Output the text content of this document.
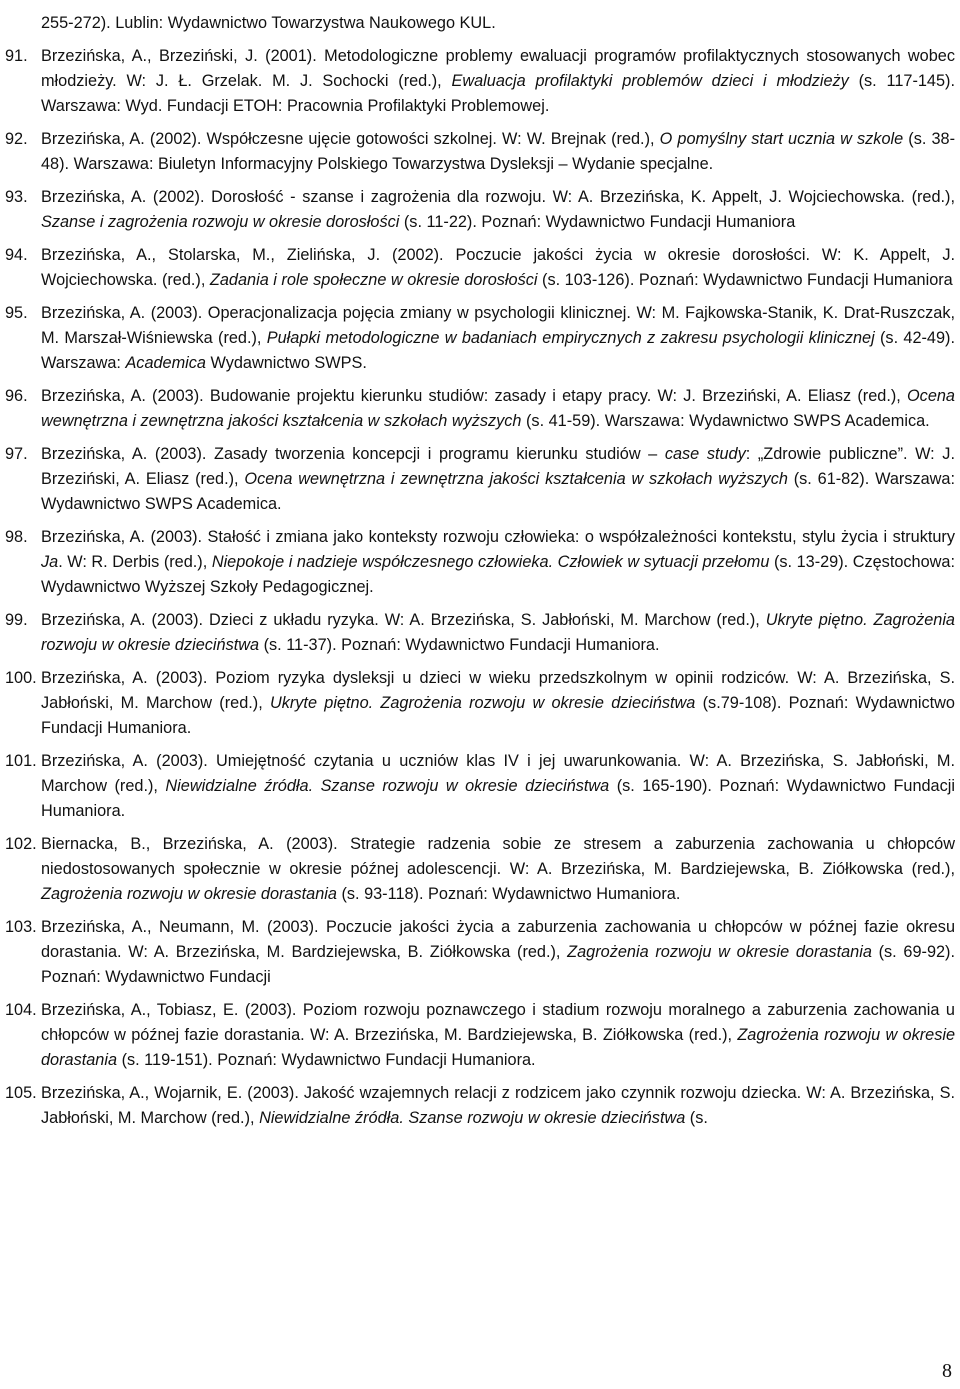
255-272). Lublin: Wydawnictwo Towarzystwa Naukowego KUL.
91. Brzezińska, A., Brzeziński, J. (2001). Metodologiczne problemy ewaluacji programów profilaktycznych stosowanych wobec młodzieży. W: J. Ł. Grzelak. M. J. Sochocki (red.), Ewaluacja profilaktyki problemów dzieci i młodzieży (s. 117-145). Warszawa: Wyd. Fundacji ETOH: Pracownia Profilaktyki Problemowej.
92. Brzezińska, A. (2002). Współczesne ujęcie gotowości szkolnej. W: W. Brejnak (red.), O pomyślny start ucznia w szkole (s. 38-48). Warszawa: Biuletyn Informacyjny Polskiego Towarzystwa Dysleksji – Wydanie specjalne.
93. Brzezińska, A. (2002). Dorosłość - szanse i zagrożenia dla rozwoju. W: A. Brzezińska, K. Appelt, J. Wojciechowska. (red.), Szanse i zagrożenia rozwoju w okresie dorosłości (s. 11-22). Poznań: Wydawnictwo Fundacji Humaniora
94. Brzezińska, A., Stolarska, M., Zielińska, J. (2002). Poczucie jakości życia w okresie dorosłości. W: K. Appelt, J. Wojciechowska. (red.), Zadania i role społeczne w okresie dorosłości (s. 103-126). Poznań: Wydawnictwo Fundacji Humaniora
95. Brzezińska, A. (2003). Operacjonalizacja pojęcia zmiany w psychologii klinicznej. W: M. Fajkowska-Stanik, K. Drat-Ruszczak, M. Marszał-Wiśniewska (red.), Pułapki metodologiczne w badaniach empirycznych z zakresu psychologii klinicznej (s. 42-49). Warszawa: Academica Wydawnictwo SWPS.
96. Brzezińska, A. (2003). Budowanie projektu kierunku studiów: zasady i etapy pracy. W: J. Brzeziński, A. Eliasz (red.), Ocena wewnętrzna i zewnętrzna jakości kształcenia w szkołach wyższych (s. 41-59). Warszawa: Wydawnictwo SWPS Academica.
97. Brzezińska, A. (2003). Zasady tworzenia koncepcji i programu kierunku studiów – case study: „Zdrowie publiczne”. W: J. Brzeziński, A. Eliasz (red.), Ocena wewnętrzna i zewnętrzna jakości kształcenia w szkołach wyższych (s. 61-82). Warszawa: Wydawnictwo SWPS Academica.
98. Brzezińska, A. (2003). Stałość i zmiana jako konteksty rozwoju człowieka: o współzależności kontekstu, stylu życia i struktury Ja. W: R. Derbis (red.), Niepokoje i nadzieje współczesnego człowieka. Człowiek w sytuacji przełomu (s. 13-29). Częstochowa: Wydawnictwo Wyższej Szkoły Pedagogicznej.
99. Brzezińska, A. (2003). Dzieci z układu ryzyka. W: A. Brzezińska, S. Jabłoński, M. Marchow (red.), Ukryte piętno. Zagrożenia rozwoju w okresie dzieciństwa (s. 11-37). Poznań: Wydawnictwo Fundacji Humaniora.
100. Brzezińska, A. (2003). Poziom ryzyka dysleksji u dzieci w wieku przedszkolnym w opinii rodziców. W: A. Brzezińska, S. Jabłoński, M. Marchow (red.), Ukryte piętno. Zagrożenia rozwoju w okresie dzieciństwa (s.79-108). Poznań: Wydawnictwo Fundacji Humaniora.
101. Brzezińska, A. (2003). Umiejętność czytania u uczniów klas IV i jej uwarunkowania. W: A. Brzezińska, S. Jabłoński, M. Marchow (red.), Niewidzialne źródła. Szanse rozwoju w okresie dzieciństwa (s. 165-190). Poznań: Wydawnictwo Fundacji Humaniora.
102. Biernacka, B., Brzezińska, A. (2003). Strategie radzenia sobie ze stresem a zaburzenia zachowania u chłopców niedostosowanych społecznie w okresie późnej adolescencji. W: A. Brzezińska, M. Bardziejewska, B. Ziółkowska (red.), Zagrożenia rozwoju w okresie dorastania (s. 93-118). Poznań: Wydawnictwo Humaniora.
103. Brzezińska, A., Neumann, M. (2003). Poczucie jakości życia a zaburzenia zachowania u chłopców w późnej fazie okresu dorastania. W: A. Brzezińska, M. Bardziejewska, B. Ziółkowska (red.), Zagrożenia rozwoju w okresie dorastania (s. 69-92). Poznań: Wydawnictwo Fundacji
104. Brzezińska, A., Tobiasz, E. (2003). Poziom rozwoju poznawczego i stadium rozwoju moralnego a zaburzenia zachowania u chłopców w późnej fazie dorastania. W: A. Brzezińska, M. Bardziejewska, B. Ziółkowska (red.), Zagrożenia rozwoju w okresie dorastania (s. 119-151). Poznań: Wydawnictwo Fundacji Humaniora.
105. Brzezińska, A., Wojarnik, E. (2003). Jakość wzajemnych relacji z rodzicem jako czynnik rozwoju dziecka. W: A. Brzezińska, S. Jabłoński, M. Marchow (red.), Niewidzialne źródła. Szanse rozwoju w okresie dzieciństwa (s.
8
